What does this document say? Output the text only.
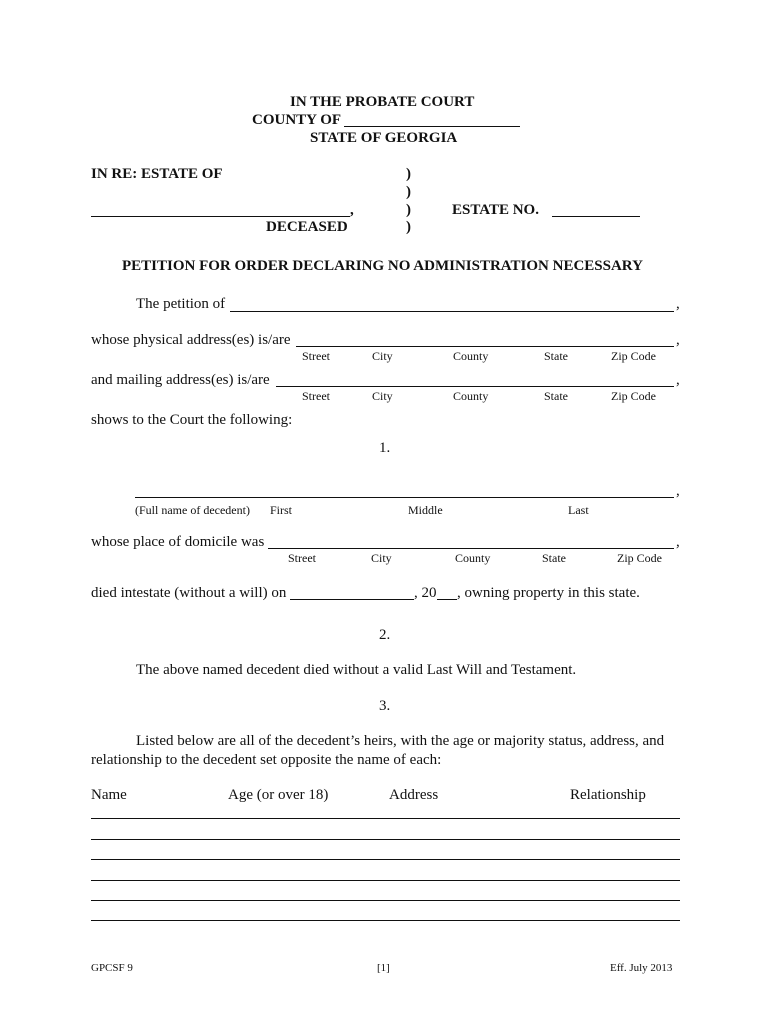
IN THE PROBATE COURT
COUNTY OF
STATE OF GEORGIA
IN RE: ESTATE OF	)
)
,	)	ESTATE NO.
DECEASED	)
PETITION FOR ORDER DECLARING NO ADMINISTRATION NECESSARY
The petition of	,
whose physical address(es) is/are	,
Street	City	County	State	Zip Code
and mailing address(es) is/are	,
Street	City	County	State	Zip Code
shows to the Court the following:
1.
,
(Full name of decedent) First	Middle	Last
whose place of domicile was	,
Street	City	County	State	Zip Code
died intestate (without a will) on	, 20 , owning property in this state.
2.
The above named decedent died without a valid Last Will and Testament.
3.
Listed below are all of the decedent’s heirs, with the age or majority status, address, and
relationship to the decedent set opposite the name of each:
Name	Age (or over 18)	Address	Relationship
GPCSF 9	[1]	Eff. July 2013
